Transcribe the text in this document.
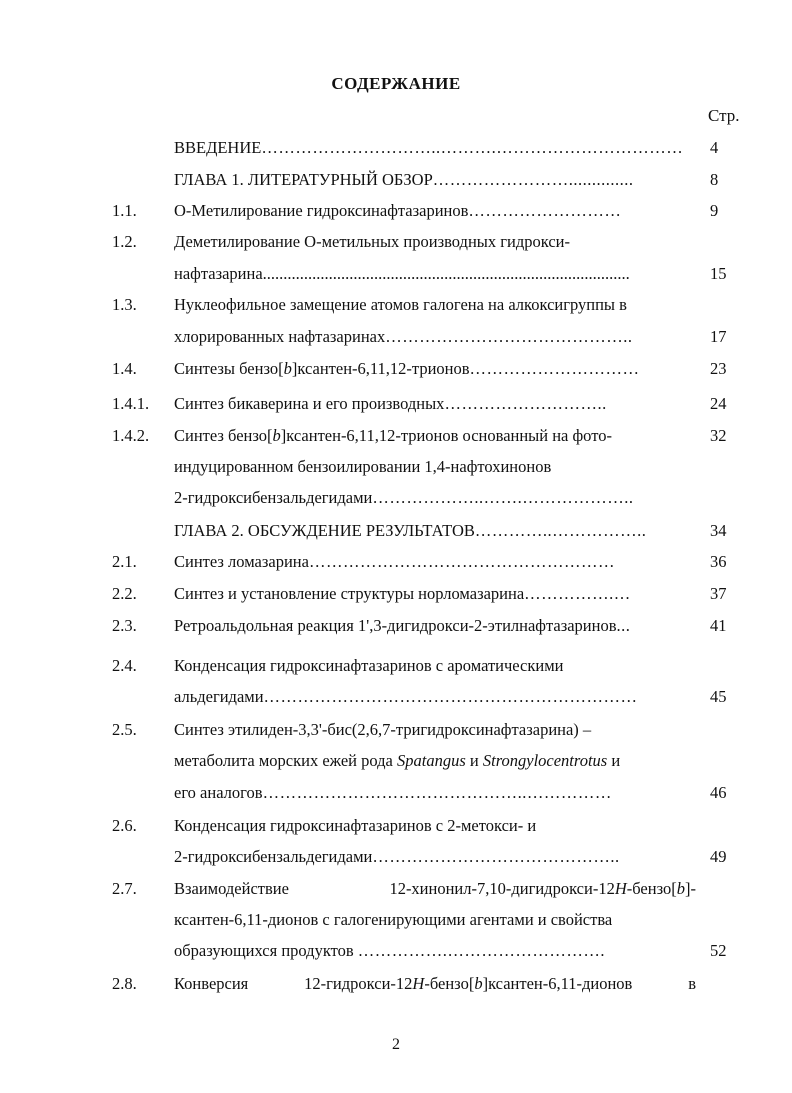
СОДЕРЖАНИЕ
Стр.
ВВЕДЕНИЕ…………………………..……….…………………………… 4
ГЛАВА 1. ЛИТЕРАТУРНЫЙ ОБЗОР……………………..............	8
1.1. О-Метилирование гидроксинафтазаринов………………………	9
1.2. Деметилирование О-метильных производных гидрокси-
нафтазарина.........................................................................................	15
1.3. Нуклеофильное замещение атомов галогена на алкоксигруппы в
хлорированных нафтазаринах……………………………………..	17
1.4. Синтезы бензо[b]ксантен-6,11,12-трионов…………………………	23
1.4.1. Синтез бикаверина и его производных………………………..	24
1.4.2. Синтез бензо[b]ксантен-6,11,12-трионов основанный на фото-	32
индуцированном бензоилировании 1,4-нафтохинонов
2-гидроксибензальдегидами………………..…….………………..
ГЛАВА 2. ОБСУЖДЕНИЕ РЕЗУЛЬТАТОВ…………..……………..	34
2.1. Синтез ломазарина………………………………………………	36
2.2. Синтез и установление структуры норломазарина…………….…	37
2.3. Ретроальдольная реакция 1',3-дигидрокси-2-этилнафтазаринов...	41
2.4. Конденсация гидроксинафтазаринов с ароматическими
альдегидами…………………………………………………………	45
2.5. Синтез этилиден-3,3'-бис(2,6,7-тригидроксинафтазарина) –
метаболита морских ежей рода Spatangus и Strongylocentrotus и
его аналогов………………………………………..……………	46
2.6. Конденсация гидроксинафтазаринов с 2-метокси- и
2-гидроксибензальдегидами……………………………………..	49
2.7. Взаимодействие	12-хинонил-7,10-дигидрокси-12H-бензо[b]-
ксантен-6,11-дионов с галогенирующими агентами и свойства
образующихся продуктов …………….……………………….	52
2.8. Конверсия	12-гидрокси-12H-бензо[b]ксантен-6,11-дионов	в
2
